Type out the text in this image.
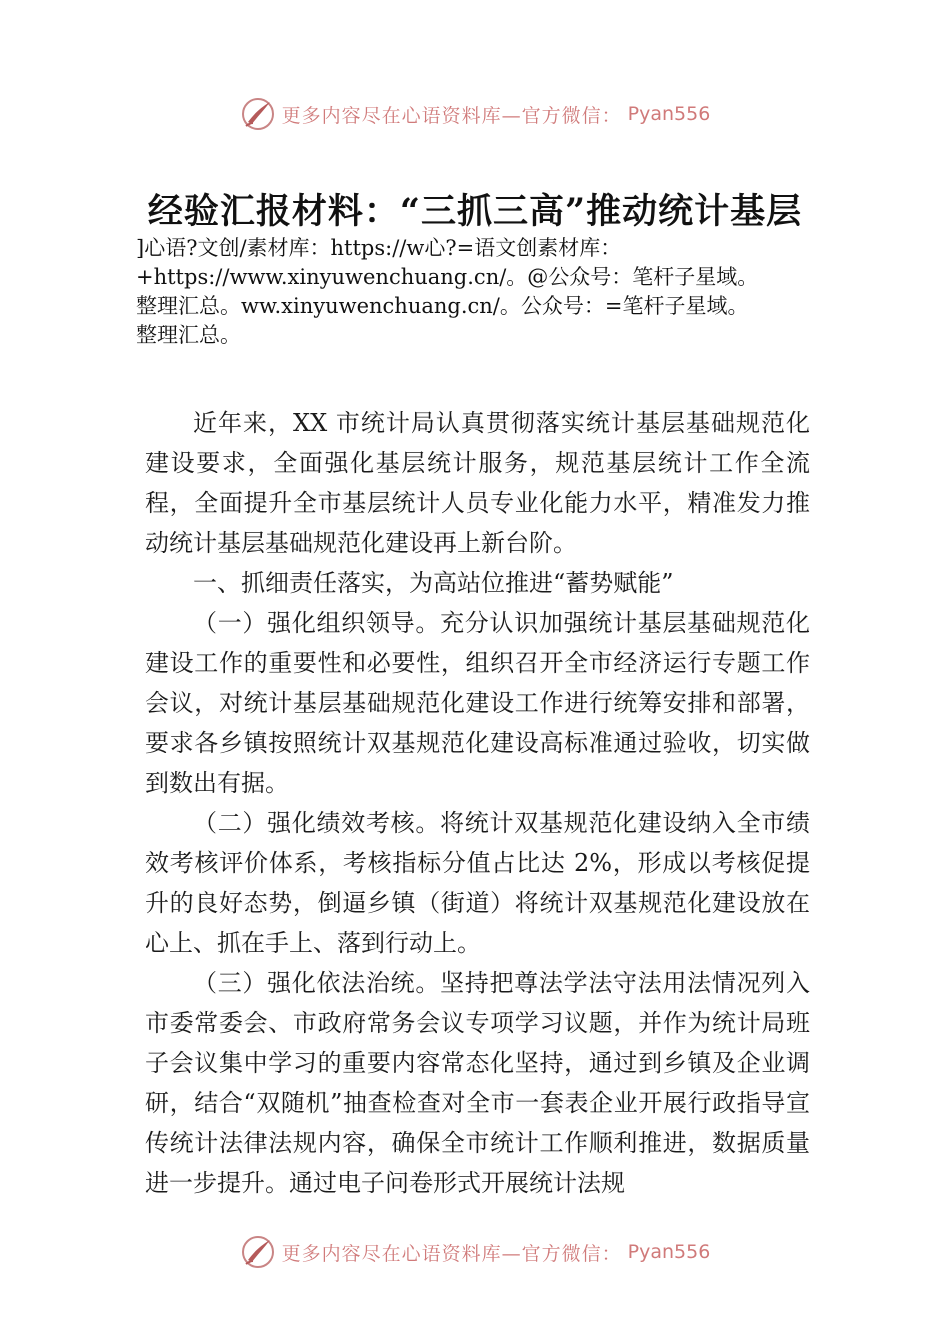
更多内容尽在心语资料库—官方微信： Pyan556
经验汇报材料：“三抓三高”推动统计基层
]心语?文创/素材库：https://w心?=语文创素材库：
+https://www.xinyuwenchuang.cn/。@公众号：笔杆子星域。
整理汇总。ww.xinyuwenchuang.cn/。公众号：=笔杆子星域。
整理汇总。

近年来，XX 市统计局认真贯彻落实统计基层基础规范化建设要求，全面强化基层统计服务，规范基层统计工作全流程，全面提升全市基层统计人员专业化能力水平，精准发力推动统计基层基础规范化建设再上新台阶。

一、抓细责任落实，为高站位推进“蓄势赋能”

（一）强化组织领导。充分认识加强统计基层基础规范化建设工作的重要性和必要性，组织召开全市经济运行专题工作会议，对统计基层基础规范化建设工作进行统筹安排和部署，要求各乡镇按照统计双基规范化建设高标准通过验收，切实做到数出有据。

（二）强化绩效考核。将统计双基规范化建设纳入全市绩效考核评价体系，考核指标分值占比达 2%，形成以考核促提升的良好态势，倒逼乡镇（街道）将统计双基规范化建设放在心上、抓在手上、落到行动上。

（三）强化依法治统。坚持把尊法学法守法用法情况列入市委常委会、市政府常务会议专项学习议题，并作为统计局班子会议集中学习的重要内容常态化坚持，通过到乡镇及企业调研，结合“双随机”抽查检查对全市一套表企业开展行政指导宣传统计法律法规内容，确保全市统计工作顺利推进，数据质量进一步提升。通过电子问卷形式开展统计法规

更多内容尽在心语资料库—官方微信： Pyan556
